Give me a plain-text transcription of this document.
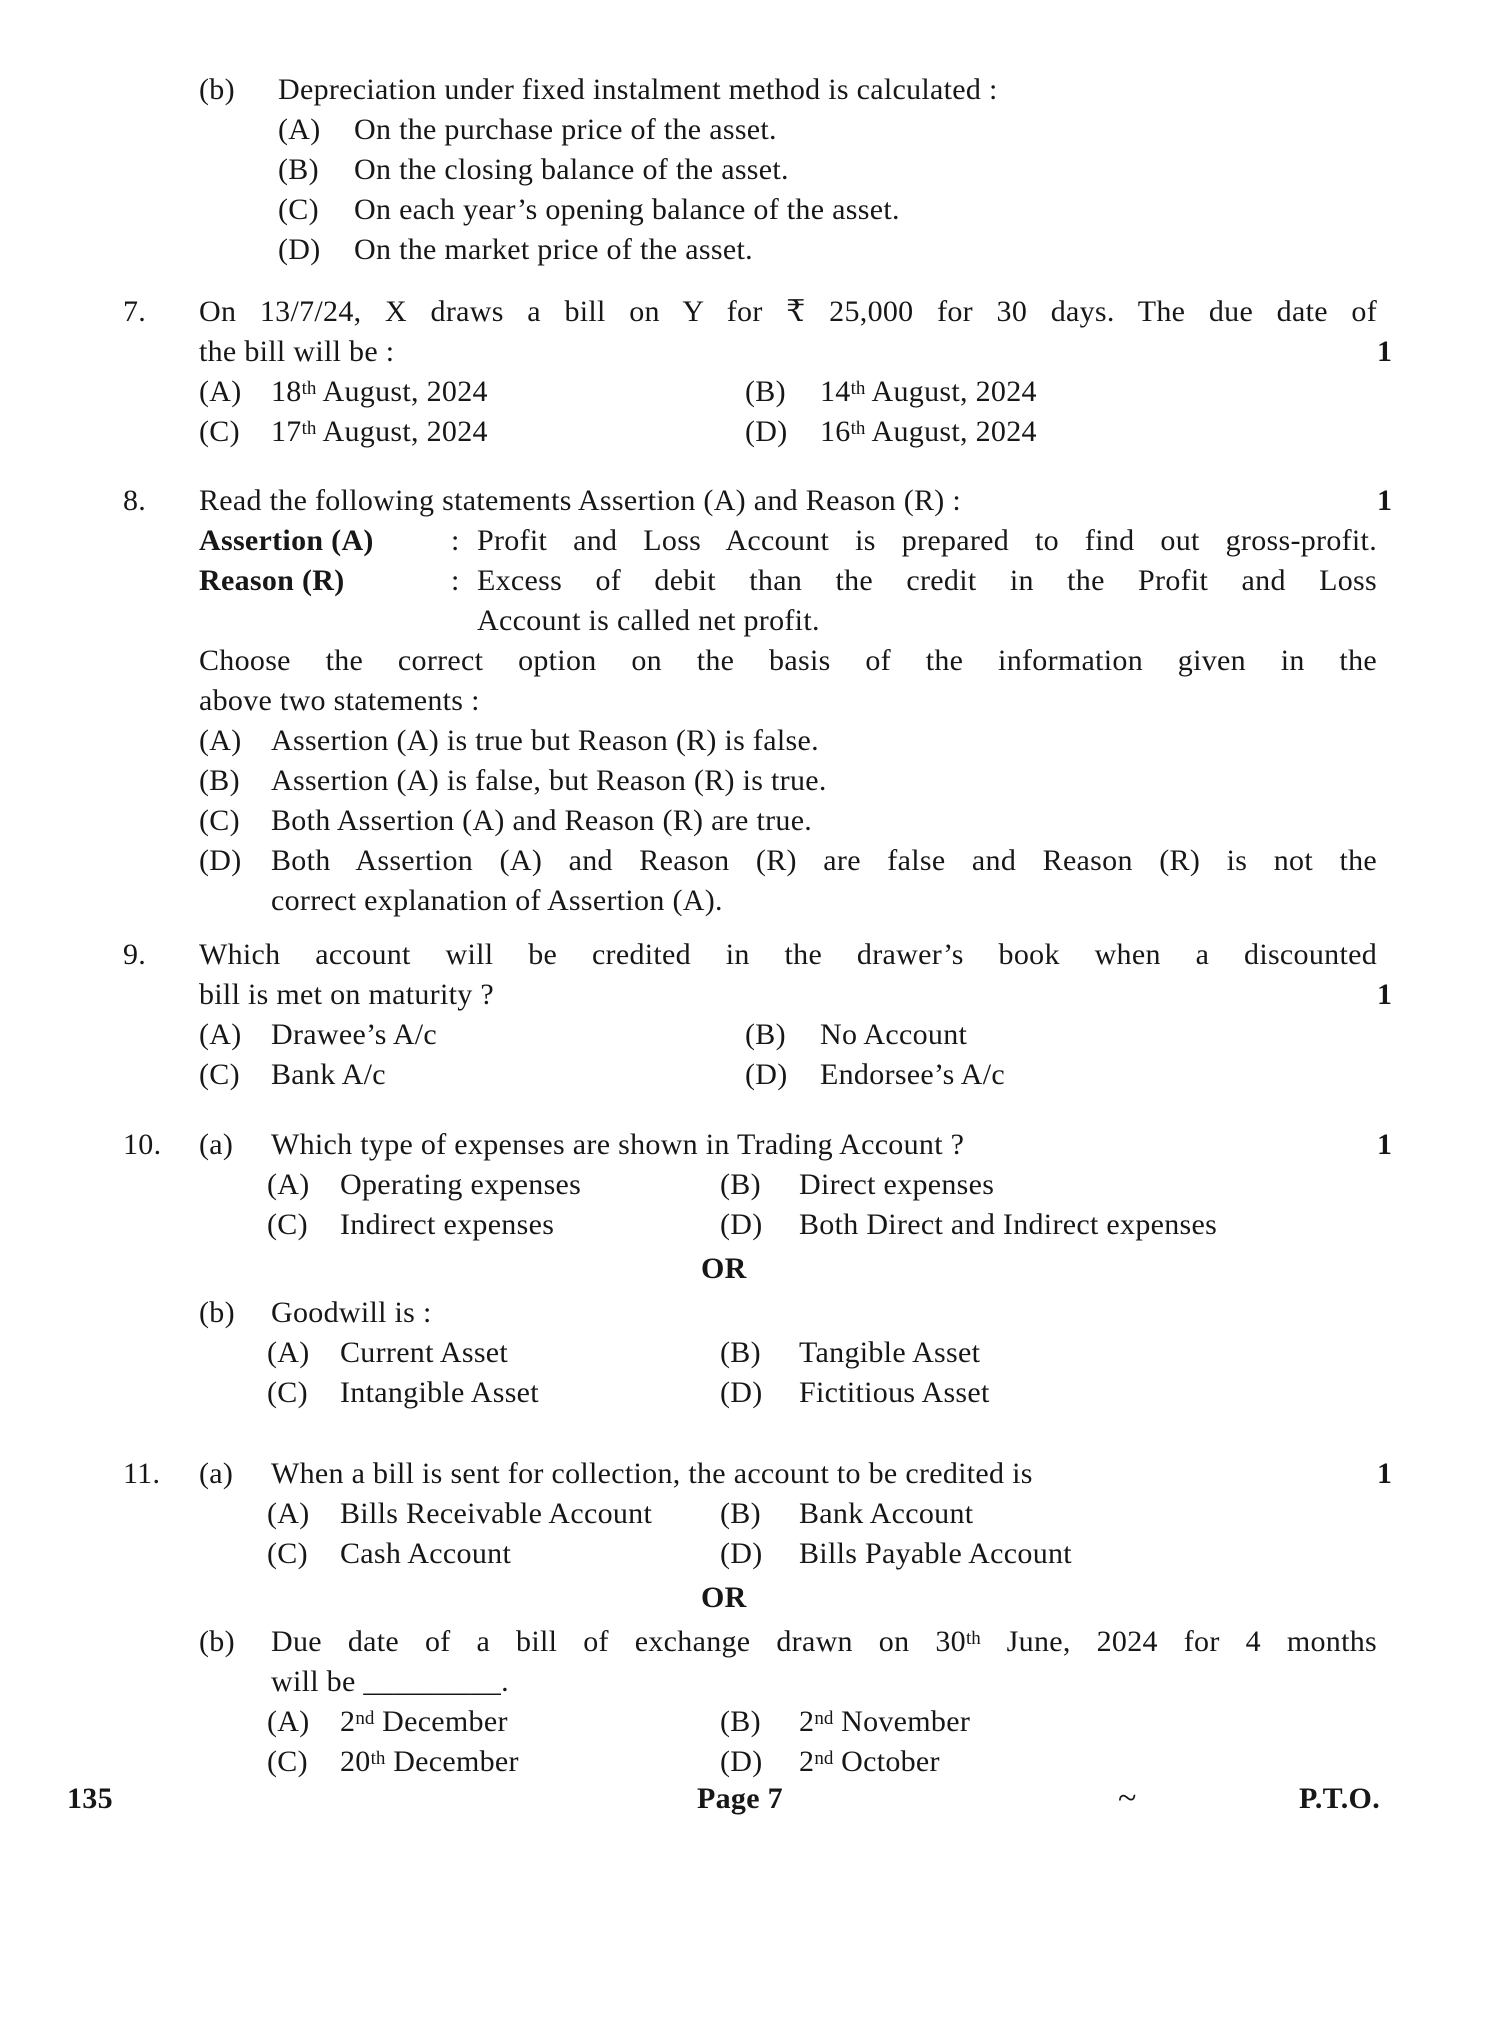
(b)	Depreciation under fixed instalment method is calculated :
(A)	On the purchase price of the asset.
(B)	On the closing balance of the asset.
(C)	On each year’s opening balance of the asset.
(D)	On the market price of the asset.
7.	On 13/7/24, X draws a bill on Y for ₹ 25,000 for 30 days. The due date of
the bill will be :
(A) 18th August, 2024	(B)	14th August, 2024
(C)	17th August, 2024	(D)	16th August, 2024
1
8.	Read the following statements Assertion (A) and Reason (R) :
Assertion (A)	: Profit and Loss Account is prepared to find out gross-profit.
Reason (R)	: Excess of debit than the credit in the Profit and Loss
Account is called net profit.
Choose the correct option on the basis of the information given in the
above two statements :
(A) Assertion (A) is true but Reason (R) is false.
(B)	Assertion (A) is false, but Reason (R) is true.
(C)	Both Assertion (A) and Reason (R) are true.
(D) Both Assertion (A) and Reason (R) are false and Reason (R) is not the
correct explanation of Assertion (A).
1
9.	Which account will be credited in the drawer’s book when a discounted
bill is met on maturity ?
(A) Drawee’s A/c	(B)	No Account
(C)	Bank A/c	(D)	Endorsee’s A/c
1
10.	(a)	Which type of expenses are shown in Trading Account ?
(A)	Operating expenses	(B)	Direct expenses
(C)	Indirect expenses	(D)	Both Direct and Indirect expenses
OR
(b)	Goodwill is :
(A)	Current Asset	(B)	Tangible Asset
(C)	Intangible Asset	(D)	Fictitious Asset
1
11.	(a)	When a bill is sent for collection, the account to be credited is
(A)	Bills Receivable Account	(B)	Bank Account
(C)	Cash Account	(D)	Bills Payable Account
OR
(b)	Due date of a bill of exchange drawn on 30th June, 2024 for 4 months
will be _________.
(A)	2nd December	(B)	2nd November
(C)	20th December	(D)	2nd October
1
135	Page 7	~	P.T.O.
